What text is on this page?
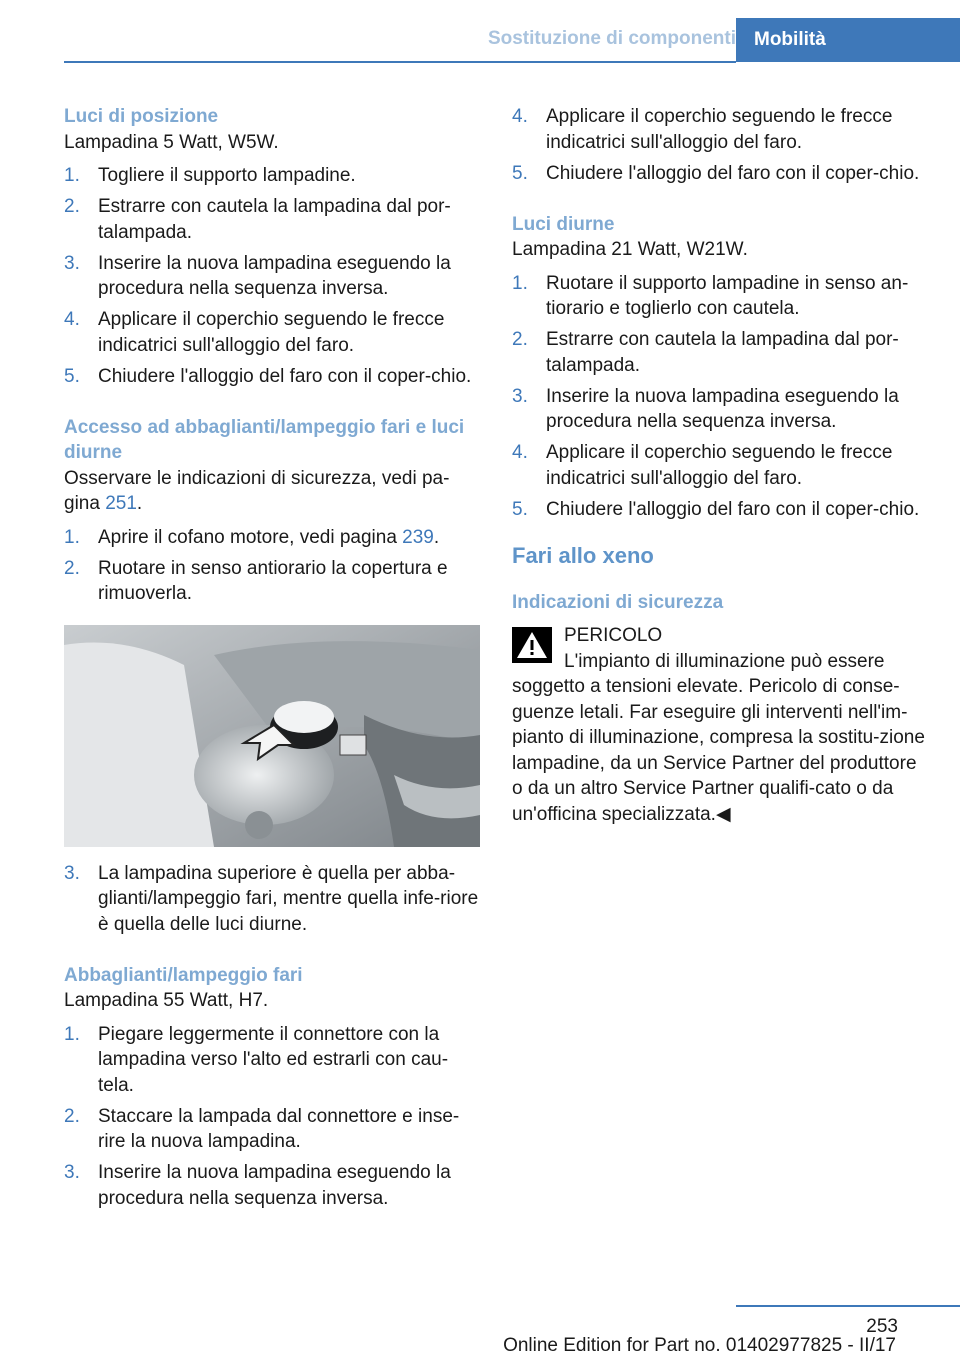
Sostituzione di componenti Mobilità
Luci di posizione

Lampadina 5 Watt, W5W.

1. Togliere il supporto lampadine.
2. Estrarre con cautela la lampadina dal por‐talampada.
3. Inserire la nuova lampadina eseguendo la procedura nella sequenza inversa.
4. Applicare il coperchio seguendo le frecce indicatrici sull'alloggio del faro.
5. Chiudere l'alloggio del faro con il coper‐chio.
Accesso ad abbaglianti/lampeggio fari e luci diurne

Osservare le indicazioni di sicurezza, vedi pa‐gina 251.

1. Aprire il cofano motore, vedi pagina 239.
2. Ruotare in senso antiorario la copertura e rimuoverla.
3. La lampadina superiore è quella per abba‐glianti/lampeggio fari, mentre quella infe‐riore è quella delle luci diurne.
Abbaglianti/lampeggio fari

Lampadina 55 Watt, H7.

1. Piegare leggermente il connettore con la lampadina verso l'alto ed estrarli con cau‐tela.
2. Staccare la lampada dal connettore e inse‐rire la nuova lampadina.
3. Inserire la nuova lampadina eseguendo la procedura nella sequenza inversa.
4. Applicare il coperchio seguendo le frecce indicatrici sull'alloggio del faro.
5. Chiudere l'alloggio del faro con il coper‐chio.
Luci diurne

Lampadina 21 Watt, W21W.

1. Ruotare il supporto lampadine in senso an‐tiorario e toglierlo con cautela.
2. Estrarre con cautela la lampadina dal por‐talampada.
3. Inserire la nuova lampadina eseguendo la procedura nella sequenza inversa.
4. Applicare il coperchio seguendo le frecce indicatrici sull'alloggio del faro.
5. Chiudere l'alloggio del faro con il coper‐chio.
Fari allo xeno
Indicazioni di sicurezza

PERICOLO

L'impianto di illuminazione può essere

soggetto a tensioni elevate. Pericolo di conse‐guenze letali. Far eseguire gli interventi nell'im‐pianto di illuminazione, compresa la sostitu‐zione lampadine, da un Service Partner del produttore o da un altro Service Partner qualifi‐cato o da un'officina specializzata.◀

253
Online Edition for Part no. 01402977825 - II/17
